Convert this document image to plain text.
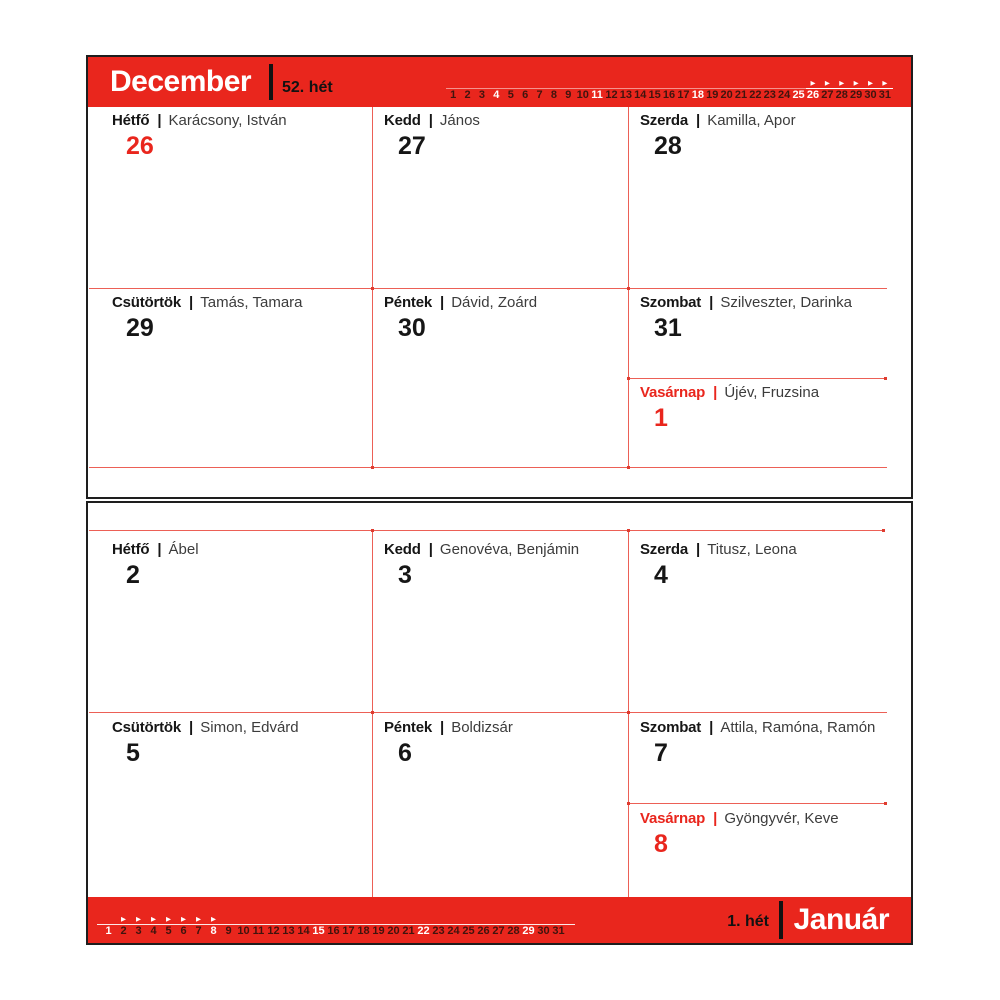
December 52. hét	1 2 3 4 5 6 7 8 9 10 11 12 13 14 15 16 17 18 19 20 21 22 23 24 25
▶
26
▶
27
▶
28
▶
29
▶
30
▶
31
Hétfő | Karácsony, István
26
Kedd | János
27
Szerda | Kamilla, Apor
28
Csütörtök | Tamás, Tamara
29
Péntek | Dávid, Zoárd
30
Szombat | Szilveszter, Darinka
31
Vasárnap | Újév, Fruzsina
1
Hétfő | Ábel
2
Kedd | Genovéva, Benjámin
3
Szerda | Titusz, Leona
4
Csütörtök | Simon, Edvárd
5
Péntek | Boldizsár
6
Szombat | Attila, Ramóna, Ramón
7
Vasárnap | Gyöngyvér, Keve
8
1
▶
2
▶
3
▶
4
▶
5
▶
6
▶
7
▶
8 9 10 11 12 13 14 15 16 17 18 19 20 21 22 23 24 25 26 27 28 29 30 31
1. hét Január
